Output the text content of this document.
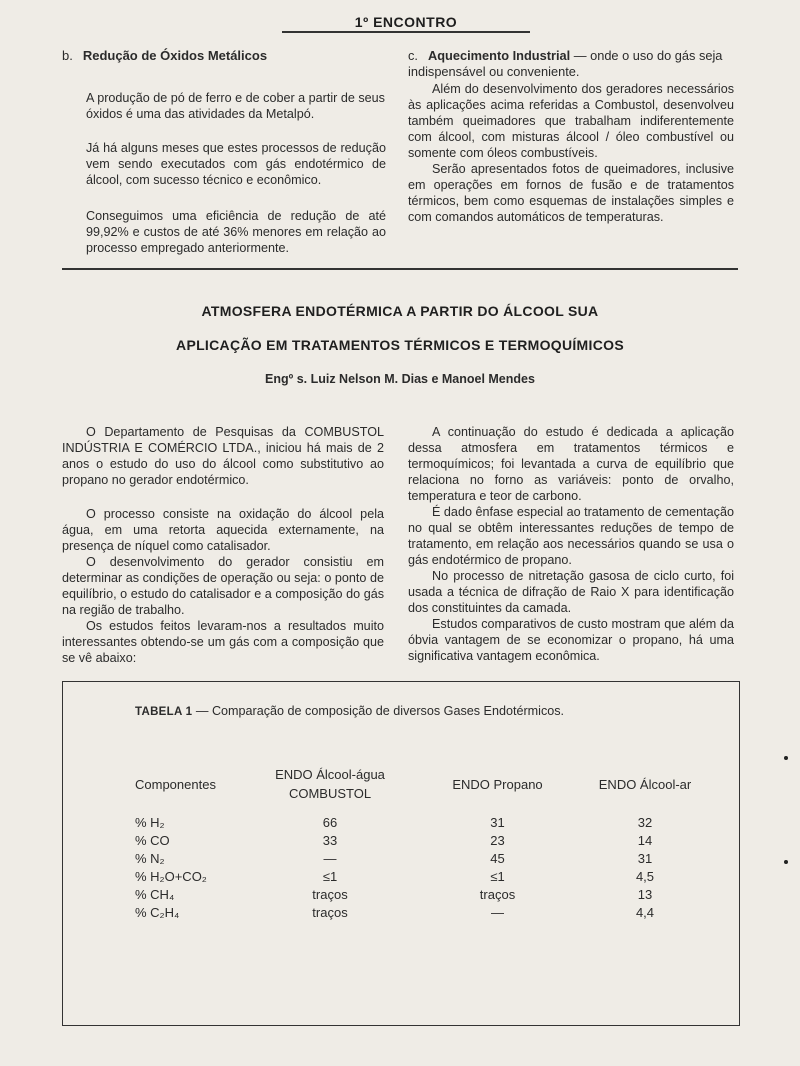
1º ENCONTRO
b. Redução de Óxidos Metálicos

A produção de pó de ferro e de cober a partir de seus óxidos é uma das atividades da Metalpó.

Já há alguns meses que estes processos de redução vem sendo executados com gás endotérmico de álcool, com sucesso técnico e econômico.

Conseguimos uma eficiência de redução de até 99,92% e custos de até 36% menores em relação ao processo empregado anteriormente.

c. Aquecimento Industrial — onde o uso do gás seja indispensável ou conveniente.

Além do desenvolvimento dos geradores necessários às aplicações acima referidas a Combustol, desenvolveu também queimadores que trabalham indiferentemente com álcool, com misturas álcool / óleo combustível ou somente com óleos combustíveis.

Serão apresentados fotos de queimadores, inclusive em operações em fornos de fusão e de tratamentos térmicos, bem como esquemas de instalações simples e com comandos automáticos de temperaturas.

ATMOSFERA ENDOTÉRMICA A PARTIR DO ÁLCOOL SUA
APLICAÇÃO EM TRATAMENTOS TÉRMICOS E TERMOQUÍMICOS
Engº s. Luiz Nelson M. Dias e Manoel Mendes

O Departamento de Pesquisas da COMBUSTOL INDÚSTRIA E COMÉRCIO LTDA., iniciou há mais de 2 anos o estudo do uso do álcool como substitutivo ao propano no gerador endotérmico.

O processo consiste na oxidação do álcool pela água, em uma retorta aquecida externamente, na presença de níquel como catalisador.

O desenvolvimento do gerador consistiu em determinar as condições de operação ou seja: o ponto de equilíbrio, o estudo do catalisador e a composição do gás na região de trabalho.

Os estudos feitos levaram-nos a resultados muito interessantes obtendo-se um gás com a composição que se vê abaixo:

A continuação do estudo é dedicada a aplicação dessa atmosfera em tratamentos térmicos e termoquímicos; foi levantada a curva de equilíbrio que relaciona no forno as variáveis: ponto de orvalho, temperatura e teor de carbono.

É dado ênfase especial ao tratamento de cementação no qual se obtêm interessantes reduções de tempo de tratamento, em relação aos necessários quando se usa o gás endotérmico de propano.

No processo de nitretação gasosa de ciclo curto, foi usada a técnica de difração de Raio X para identificação dos constituintes da camada.

Estudos comparativos de custo mostram que além da óbvia vantagem de se economizar o propano, há uma significativa vantagem econômica.

TABELA 1 — Comparação de composição de diversos Gases Endotérmicos.
Componentes	ENDO Álcool-água COMBUSTOL	ENDO Propano	ENDO Álcool-ar

% H₂	66	31	32
% CO	33	23	14
% N₂	—	45	31
% H₂O+CO₂	≤1	≤1	4,5
% CH₄	traços	traços	13
% C₂H₄	traços	—	4,4
